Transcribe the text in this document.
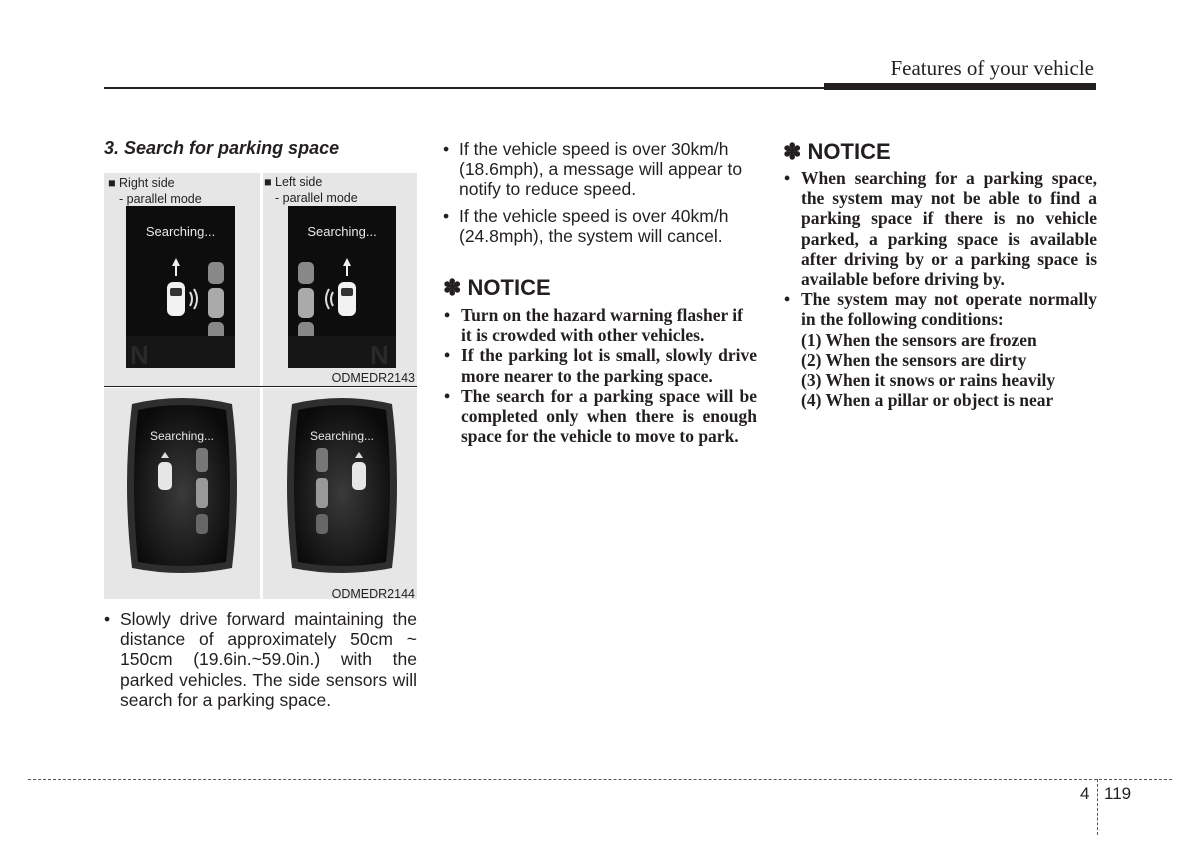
Features of your vehicle

3. Search for parking space

■ Right side
- parallel mode
■ Left side
- parallel mode
Searching...
N
Searching...
N
ODMEDR2143
Searching...	Searching...
ODMEDR2144
• Slowly drive forward maintaining the distance of approximately 50cm ~ 150cm (19.6in.~59.0in.) with the parked vehicles. The side sensors will search for a parking space.
• If the vehicle speed is over 30km/h (18.6mph), a message will appear to notify to reduce speed.
• If the vehicle speed is over 40km/h (24.8mph), the system will cancel.
✽ NOTICE
• Turn on the hazard warning flasher if it is crowded with other vehicles.
• If the parking lot is small, slowly drive more nearer to the parking space.
• The search for a parking space will be completed only when there is enough space for the vehicle to move to park.
✽ NOTICE
• When searching for a parking space, the system may not be able to find a parking space if there is no vehicle parked, a parking space is available after driving by or a parking space is available before driving by.
• The system may not operate normally in the following conditions:
(1) When the sensors are frozen
(2) When the sensors are dirty
(3) When it snows or rains heavily
(4) When a pillar or object is near
4 119
